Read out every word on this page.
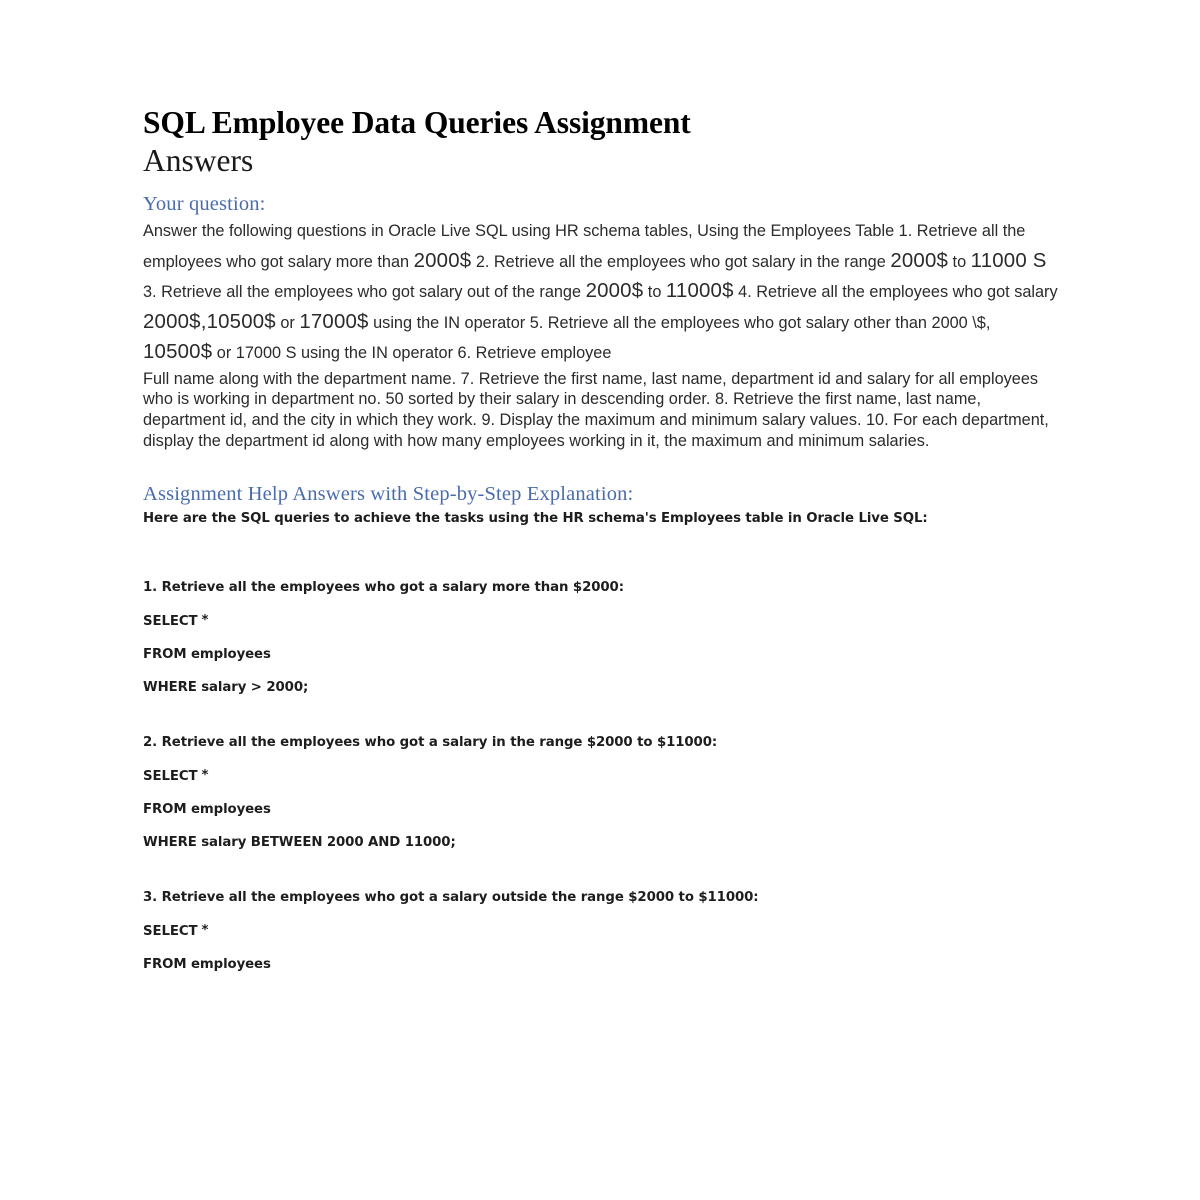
SQL Employee Data Queries Assignment
Answers
Your question:

Answer the following questions in Oracle Live SQL using HR schema tables, Using the Employees Table 1. Retrieve all the employees who got salary more than 2000$ 2. Retrieve all the employees who got salary in the range 2000$ to 11000 S 3. Retrieve all the employees who got salary out of the range 2000$ to 11000$ 4. Retrieve all the employees who got salary 2000$,10500$ or 17000$ using the IN operator 5. Retrieve all the employees who got salary other than 2000 \$, 10500$ or 17000 S using the IN operator 6. Retrieve employee
Full name along with the department name. 7. Retrieve the first name, last name, department id and salary for all employees who is working in department no. 50 sorted by their salary in descending order. 8. Retrieve the first name, last name, department id, and the city in which they work. 9. Display the maximum and minimum salary values. 10. For each department, display the department id along with how many employees working in it, the maximum and minimum salaries.

Assignment Help Answers with Step-by-Step Explanation:

Here are the SQL queries to achieve the tasks using the HR schema's Employees table in Oracle Live SQL:

1. Retrieve all the employees who got a salary more than $2000:

SELECT *

FROM employees

WHERE salary > 2000;

2. Retrieve all the employees who got a salary in the range $2000 to $11000:

SELECT *

FROM employees

WHERE salary BETWEEN 2000 AND 11000;

3. Retrieve all the employees who got a salary outside the range $2000 to $11000:

SELECT *

FROM employees
